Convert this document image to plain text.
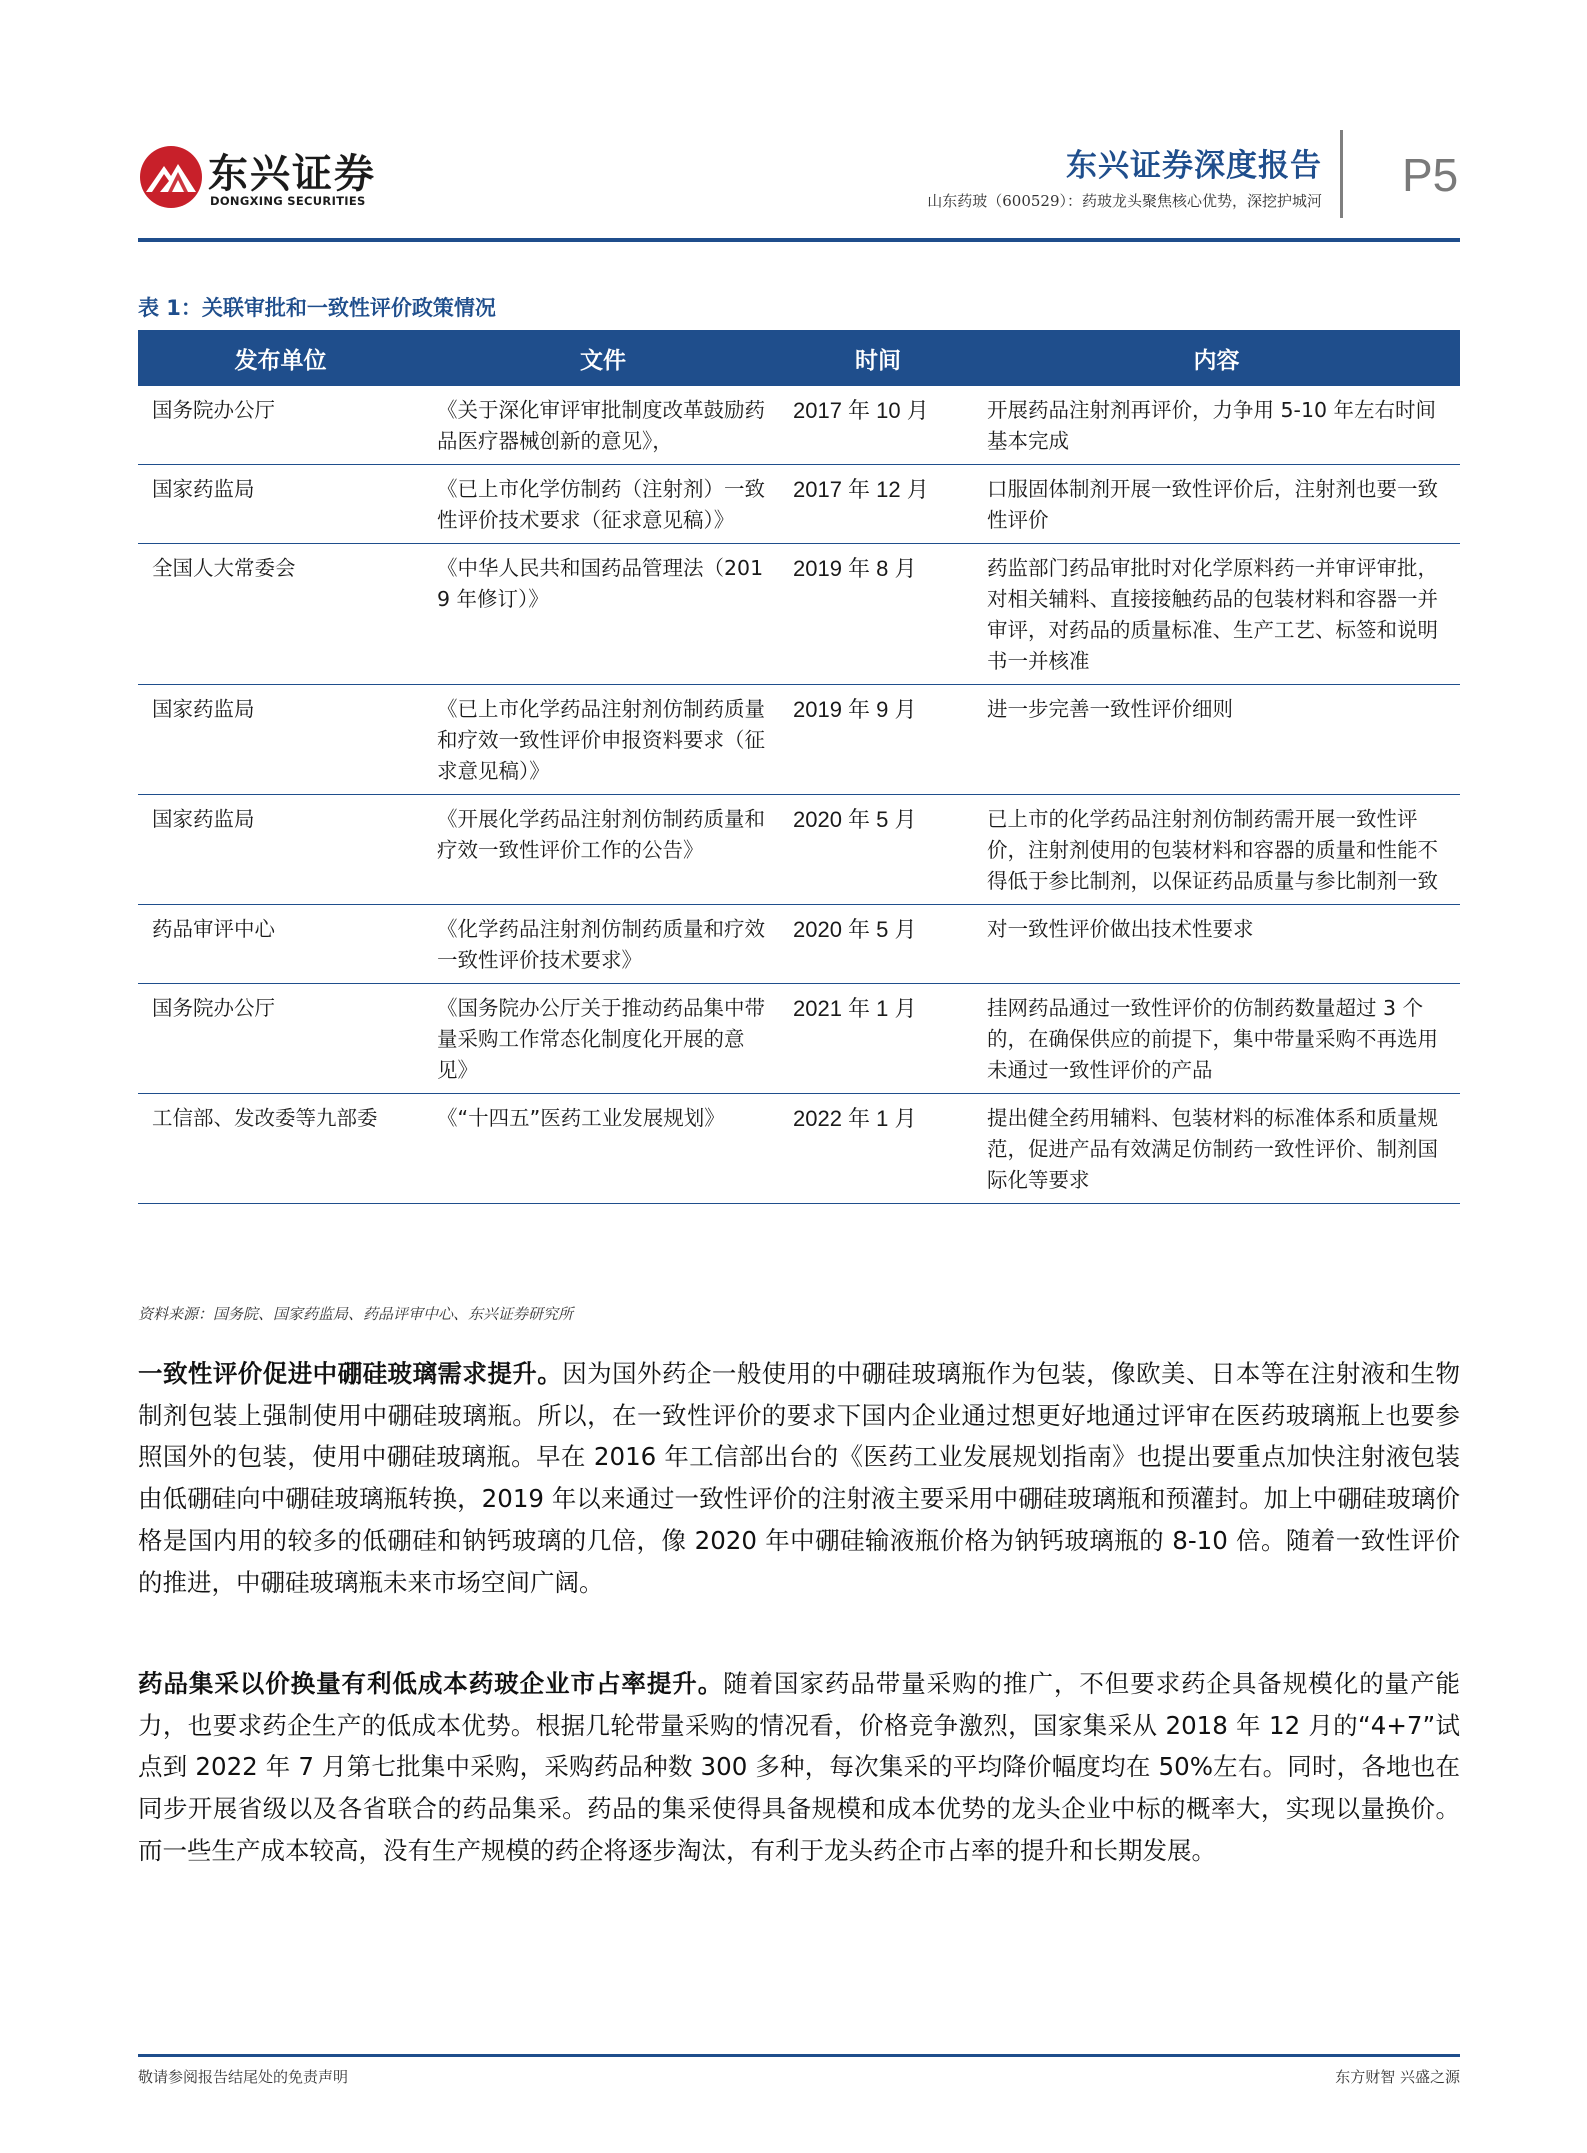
东兴证券
DONGXING SECURITIES
东兴证券深度报告
山东药玻（600529）：药玻龙头聚焦核心优势，深挖护城河 P5
表 1：关联审批和一致性评价政策情况
发布单位	文件	时间	内容
国务院办公厅	《关于深化审评审批制度改革鼓励药品医疗器械创新的意见》，	2017 年 10 月	开展药品注射剂再评价，力争用 5-10 年左右时间基本完成
国家药监局	《已上市化学仿制药（注射剂）一致性评价技术要求（征求意见稿）》	2017 年 12 月	口服固体制剂开展一致性评价后，注射剂也要一致性评价
全国人大常委会	《中华人民共和国药品管理法（2019 年修订）》	2019 年 8 月	药监部门药品审批时对化学原料药一并审评审批，对相关辅料、直接接触药品的包装材料和容器一并审评，对药品的质量标准、生产工艺、标签和说明书一并核准
国家药监局	《已上市化学药品注射剂仿制药质量和疗效一致性评价申报资料要求（征求意见稿）》	2019 年 9 月	进一步完善一致性评价细则
国家药监局	《开展化学药品注射剂仿制药质量和疗效一致性评价工作的公告》	2020 年 5 月	已上市的化学药品注射剂仿制药需开展一致性评价，注射剂使用的包装材料和容器的质量和性能不得低于参比制剂，以保证药品质量与参比制剂一致
药品审评中心	《化学药品注射剂仿制药质量和疗效一致性评价技术要求》	2020 年 5 月	对一致性评价做出技术性要求
国务院办公厅	《国务院办公厅关于推动药品集中带量采购工作常态化制度化开展的意见》	2021 年 1 月	挂网药品通过一致性评价的仿制药数量超过 3 个的，在确保供应的前提下，集中带量采购不再选用未通过一致性评价的产品
工信部、发改委等九部委	《“十四五”医药工业发展规划》	2022 年 1 月	提出健全药用辅料、包装材料的标准体系和质量规范，促进产品有效满足仿制药一致性评价、制剂国际化等要求
资料来源：国务院、国家药监局、药品评审中心、东兴证券研究所
一致性评价促进中硼硅玻璃需求提升。因为国外药企一般使用的中硼硅玻璃瓶作为包装，像欧美、日本等在注射液和生物制剂包装上强制使用中硼硅玻璃瓶。所以，在一致性评价的要求下国内企业通过想更好地通过评审在医药玻璃瓶上也要参照国外的包装，使用中硼硅玻璃瓶。早在 2016 年工信部出台的《医药工业发展规划指南》也提出要重点加快注射液包装由低硼硅向中硼硅玻璃瓶转换，2019 年以来通过一致性评价的注射液主要采用中硼硅玻璃瓶和预灌封。加上中硼硅玻璃价格是国内用的较多的低硼硅和钠钙玻璃的几倍，像 2020 年中硼硅输液瓶价格为钠钙玻璃瓶的 8-10 倍。随着一致性评价的推进，中硼硅玻璃瓶未来市场空间广阔。
药品集采以价换量有利低成本药玻企业市占率提升。随着国家药品带量采购的推广，不但要求药企具备规模化的量产能力，也要求药企生产的低成本优势。根据几轮带量采购的情况看，价格竞争激烈，国家集采从 2018 年 12 月的“4+7”试点到 2022 年 7 月第七批集中采购，采购药品种数 300 多种，每次集采的平均降价幅度均在 50%左右。同时，各地也在同步开展省级以及各省联合的药品集采。药品的集采使得具备规模和成本优势的龙头企业中标的概率大，实现以量换价。而一些生产成本较高，没有生产规模的药企将逐步淘汰，有利于龙头药企市占率的提升和长期发展。
敬请参阅报告结尾处的免责声明	东方财智 兴盛之源
